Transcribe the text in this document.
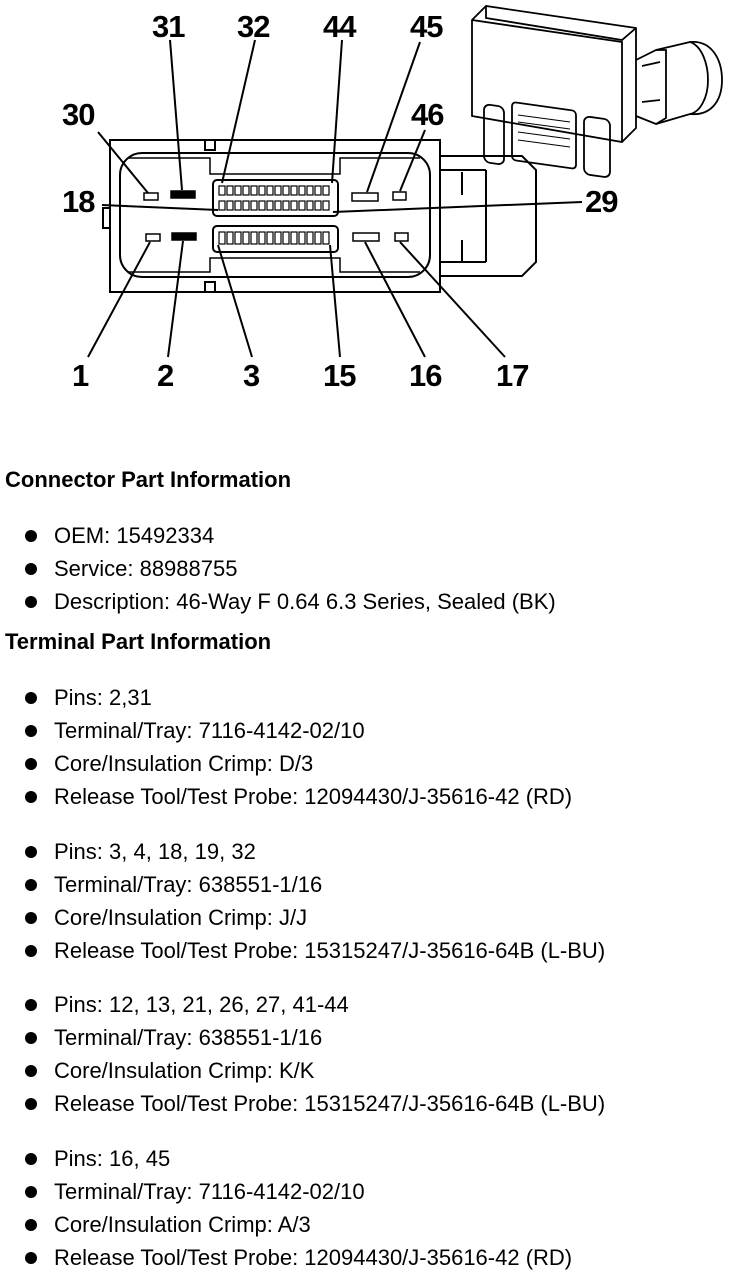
31 32 44 45
30	46
18	29
1 2 3 15 16 17
Connector Part Information
OEM: 15492334
Service: 88988755
Description: 46-Way F 0.64 6.3 Series, Sealed (BK)
Terminal Part Information
Pins: 2,31
Terminal/Tray: 7116-4142-02/10
Core/Insulation Crimp: D/3
Release Tool/Test Probe: 12094430/J-35616-42 (RD)
Pins: 3, 4, 18, 19, 32
Terminal/Tray: 638551-1/16
Core/Insulation Crimp: J/J
Release Tool/Test Probe: 15315247/J-35616-64B (L-BU)
Pins: 12, 13, 21, 26, 27, 41-44
Terminal/Tray: 638551-1/16
Core/Insulation Crimp: K/K
Release Tool/Test Probe: 15315247/J-35616-64B (L-BU)
Pins: 16, 45
Terminal/Tray: 7116-4142-02/10
Core/Insulation Crimp: A/3
Release Tool/Test Probe: 12094430/J-35616-42 (RD)
